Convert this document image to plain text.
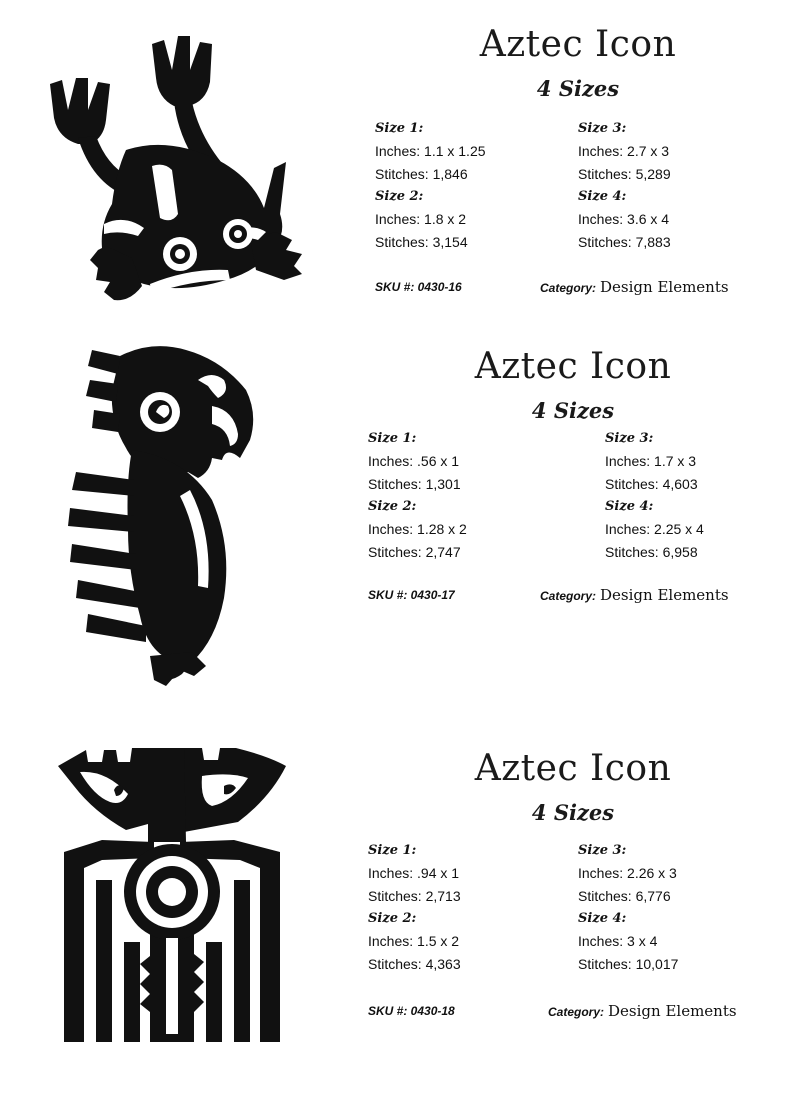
Aztec Icon
4 Sizes
Size 1:
Inches: 1.1 x 1.25
Stitches: 1,846
Size 2:
Inches: 1.8 x 2
Stitches: 3,154
Size 3:
Inches: 2.7 x 3
Stitches: 5,289
Size 4:
Inches: 3.6 x 4
Stitches: 7,883
SKU #: 0430-16	Category: Design Elements
Aztec Icon
4 Sizes
Size 1:
Inches: .56 x 1
Stitches: 1,301
Size 2:
Inches: 1.28 x 2
Stitches: 2,747
Size 3:
Inches: 1.7 x 3
Stitches: 4,603
Size 4:
Inches: 2.25 x 4
Stitches: 6,958
SKU #: 0430-17	Category: Design Elements
Aztec Icon
4 Sizes
Size 1:
Inches: .94 x 1
Stitches: 2,713
Size 2:
Inches: 1.5 x 2
Stitches: 4,363
Size 3:
Inches: 2.26 x 3
Stitches: 6,776
Size 4:
Inches: 3 x 4
Stitches: 10,017
SKU #: 0430-18	Category: Design Elements
